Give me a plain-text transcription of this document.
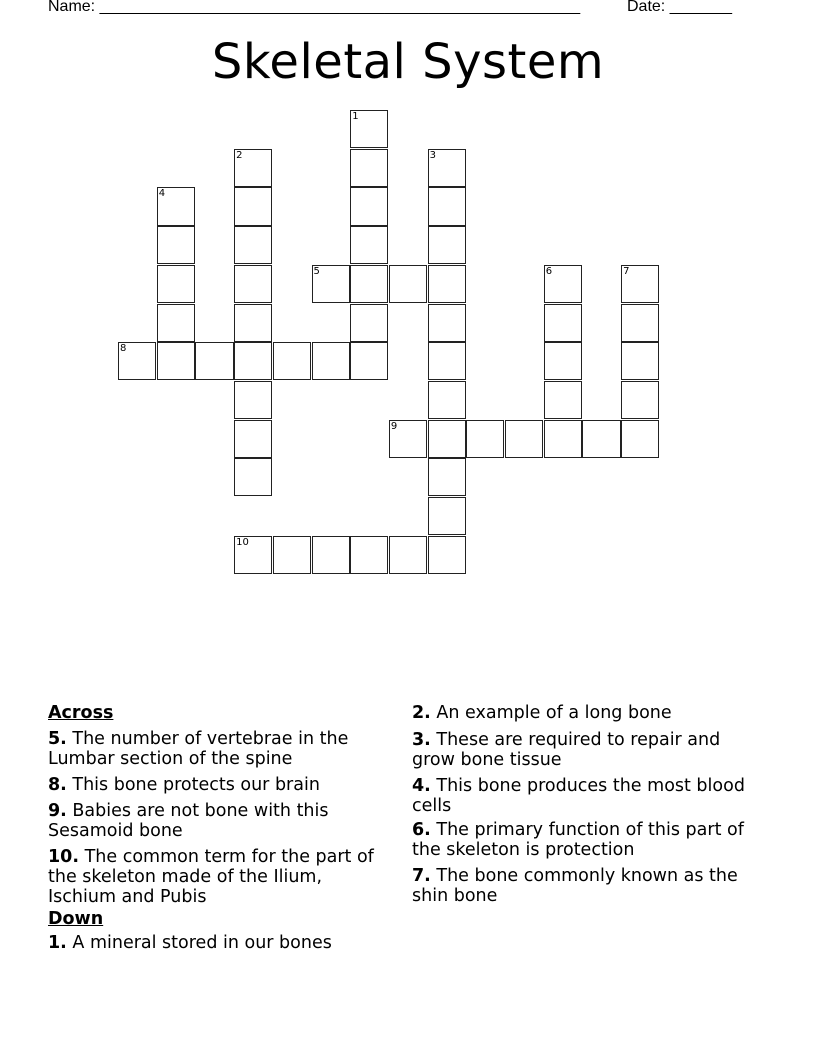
Name: ______________________________________________________	Date: _______
Skeletal System
1
2	3
4
5	6	7
8
9
10
Across
5. The number of vertebrae in the Lumbar section of the spine
8. This bone protects our brain
9. Babies are not bone with this Sesamoid bone
10. The common term for the part of the skeleton made of the Ilium, Ischium and Pubis
Down
1. A mineral stored in our bones
2. An example of a long bone
3. These are required to repair and grow bone tissue
4. This bone produces the most blood cells
6. The primary function of this part of the skeleton is protection
7. The bone commonly known as the shin bone
